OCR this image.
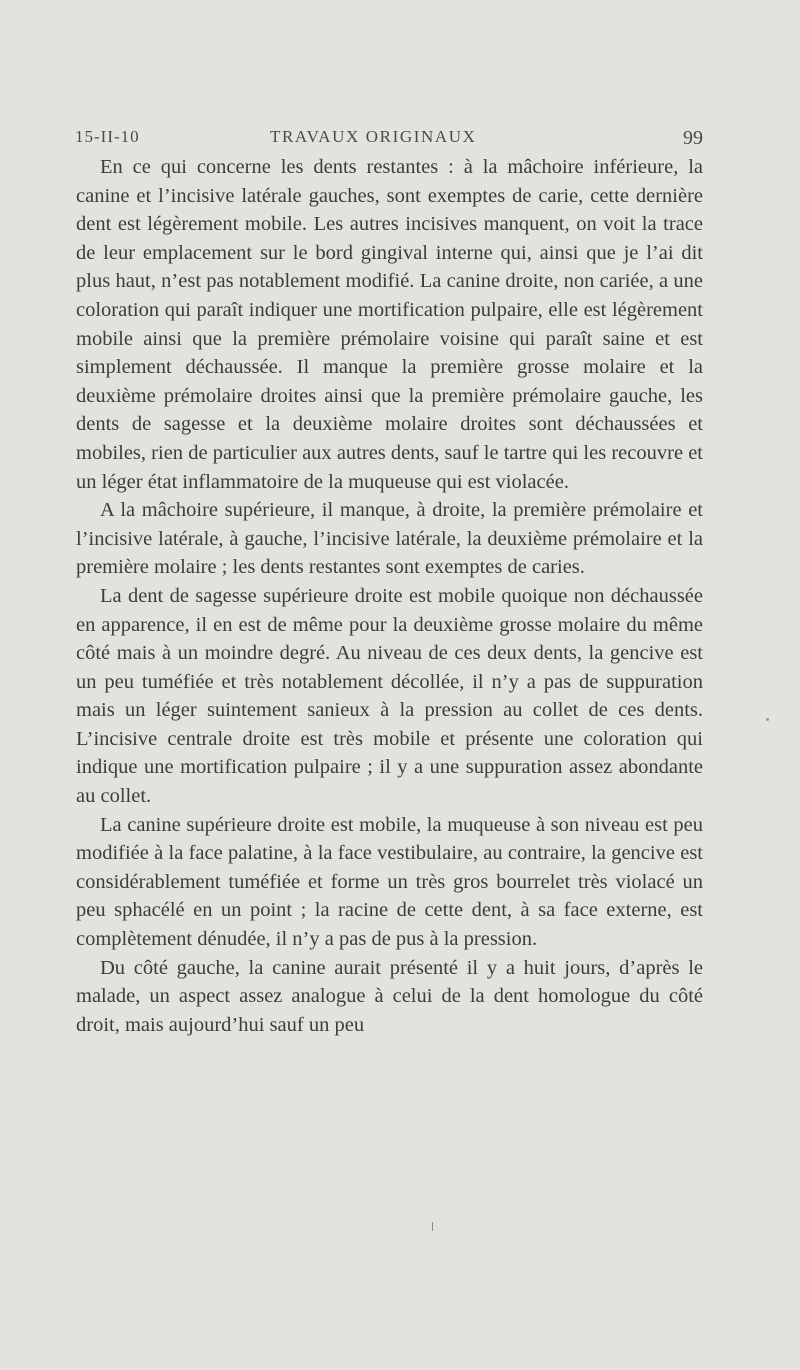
15-II-10	TRAVAUX ORIGINAUX	99

En ce qui concerne les dents restantes : à la mâchoire inférieure, la canine et l’incisive latérale gauches, sont exemptes de carie, cette dernière dent est légèrement mobile. Les autres incisives manquent, on voit la trace de leur emplacement sur le bord gingival interne qui, ainsi que je l’ai dit plus haut, n’est pas notablement modifié. La canine droite, non cariée, a une coloration qui paraît indiquer une mortification pulpaire, elle est légèrement mobile ainsi que la première prémolaire voisine qui paraît saine et est simplement déchaussée. Il manque la première grosse molaire et la deuxième prémolaire droites ainsi que la première prémolaire gauche, les dents de sagesse et la deuxième molaire droites sont déchaussées et mobiles, rien de particulier aux autres dents, sauf le tartre qui les recouvre et un léger état inflammatoire de la muqueuse qui est violacée.

A la mâchoire supérieure, il manque, à droite, la première prémolaire et l’incisive latérale, à gauche, l’incisive latérale, la deuxième prémolaire et la première molaire ; les dents restantes sont exemptes de caries.

La dent de sagesse supérieure droite est mobile quoique non déchaussée en apparence, il en est de même pour la deuxième grosse molaire du même côté mais à un moindre degré. Au niveau de ces deux dents, la gencive est un peu tuméfiée et très notablement décollée, il n’y a pas de suppuration mais un léger suintement sanieux à la pression au collet de ces dents. L’incisive centrale droite est très mobile et présente une coloration qui indique une mortification pulpaire ; il y a une suppuration assez abondante au collet.

La canine supérieure droite est mobile, la muqueuse à son niveau est peu modifiée à la face palatine, à la face vestibulaire, au contraire, la gencive est considérablement tuméfiée et forme un très gros bourrelet très violacé un peu sphacélé en un point ; la racine de cette dent, à sa face externe, est complètement dénudée, il n’y a pas de pus à la pression.

Du côté gauche, la canine aurait présenté il y a huit jours, d’après le malade, un aspect assez analogue à celui de la dent homologue du côté droit, mais aujourd’hui sauf un peu
